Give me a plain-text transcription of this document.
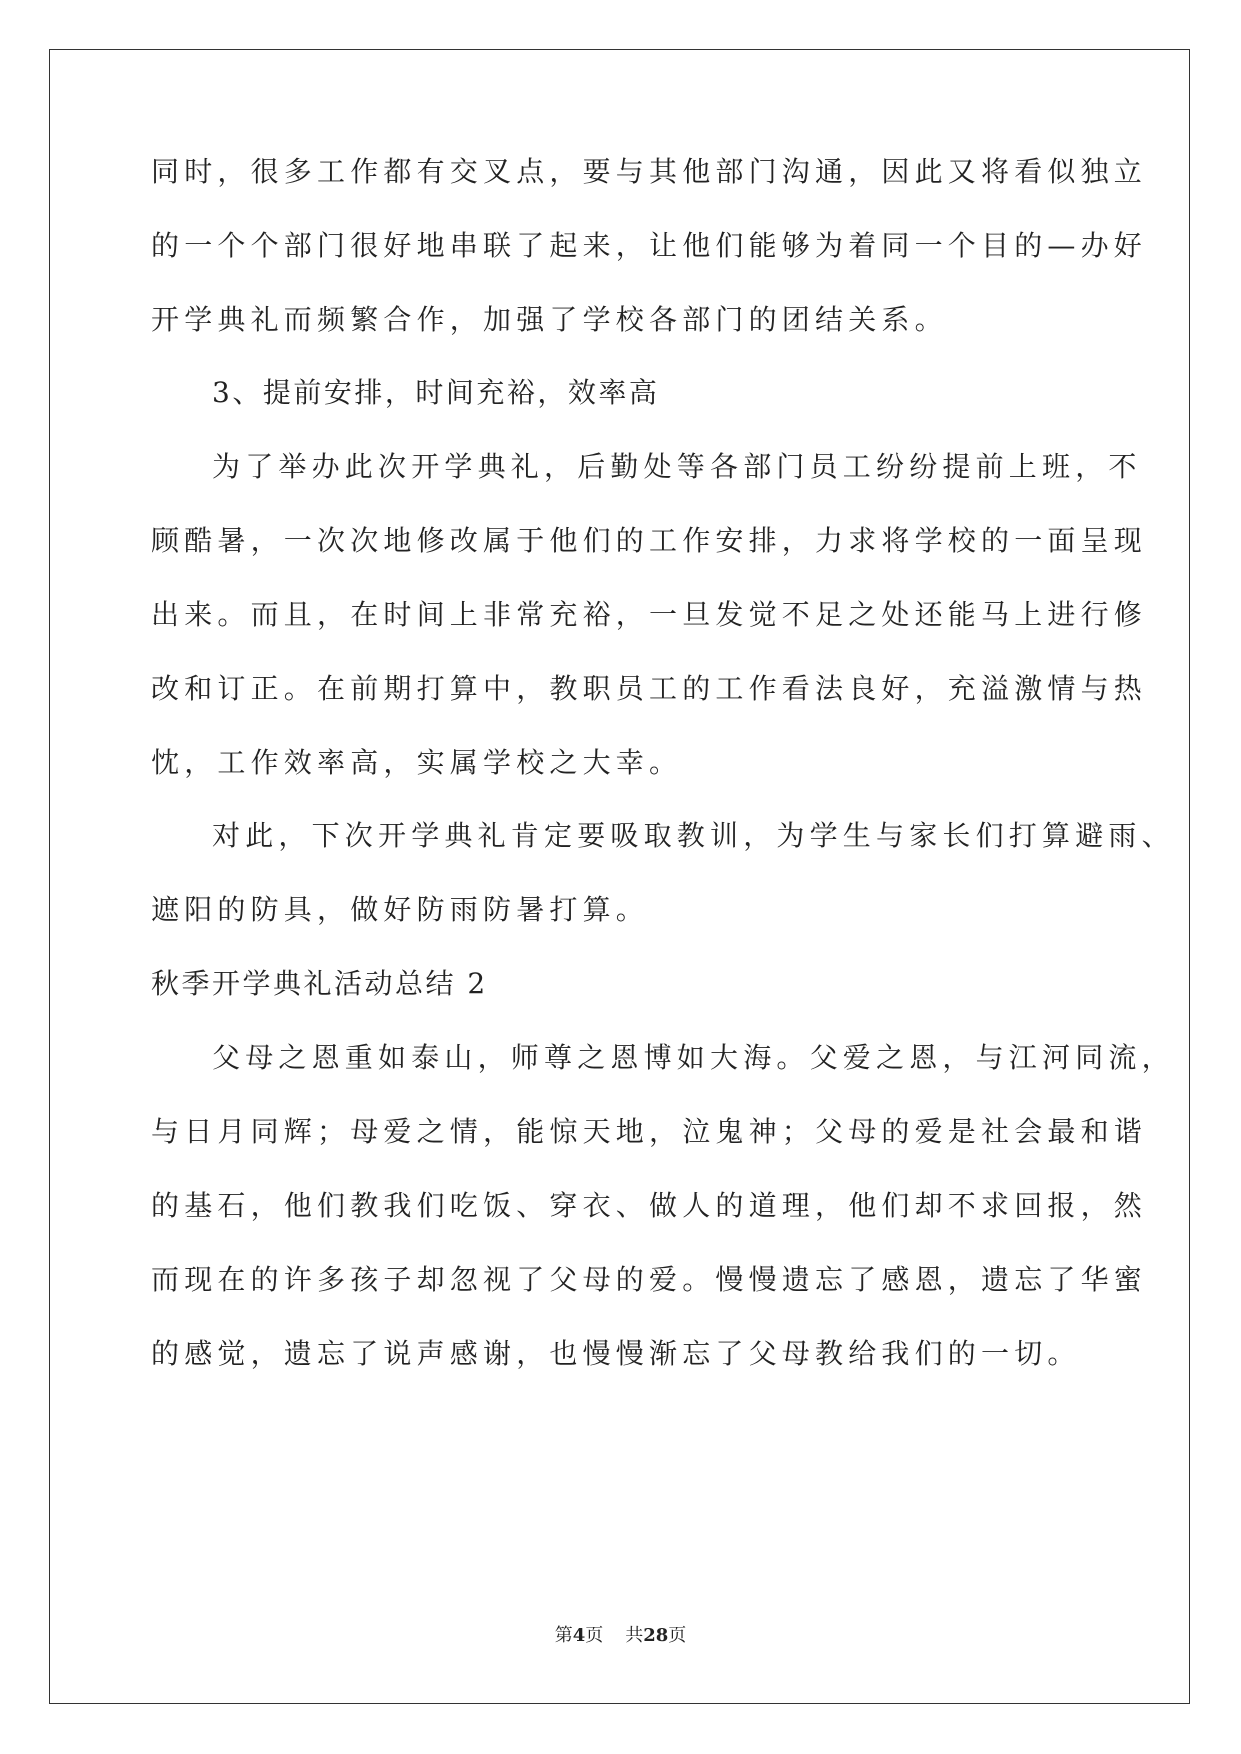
同时，很多工作都有交叉点，要与其他部门沟通，因此又将看似独立
的一个个部门很好地串联了起来，让他们能够为着同一个目的—办好
开学典礼而频繁合作，加强了学校各部门的团结关系。
3、提前安排，时间充裕，效率高
为了举办此次开学典礼，后勤处等各部门员工纷纷提前上班，不
顾酷暑，一次次地修改属于他们的工作安排，力求将学校的一面呈现
出来。而且，在时间上非常充裕，一旦发觉不足之处还能马上进行修
改和订正。在前期打算中，教职员工的工作看法良好，充溢激情与热
忱，工作效率高，实属学校之大幸。
对此，下次开学典礼肯定要吸取教训，为学生与家长们打算避雨、
遮阳的防具，做好防雨防暑打算。
秋季开学典礼活动总结 2
父母之恩重如泰山，师尊之恩博如大海。父爱之恩，与江河同流，
与日月同辉；母爱之情，能惊天地，泣鬼神；父母的爱是社会最和谐
的基石，他们教我们吃饭、穿衣、做人的道理，他们却不求回报，然
而现在的许多孩子却忽视了父母的爱。慢慢遗忘了感恩，遗忘了华蜜
的感觉，遗忘了说声感谢，也慢慢渐忘了父母教给我们的一切。
第4页 共28页
